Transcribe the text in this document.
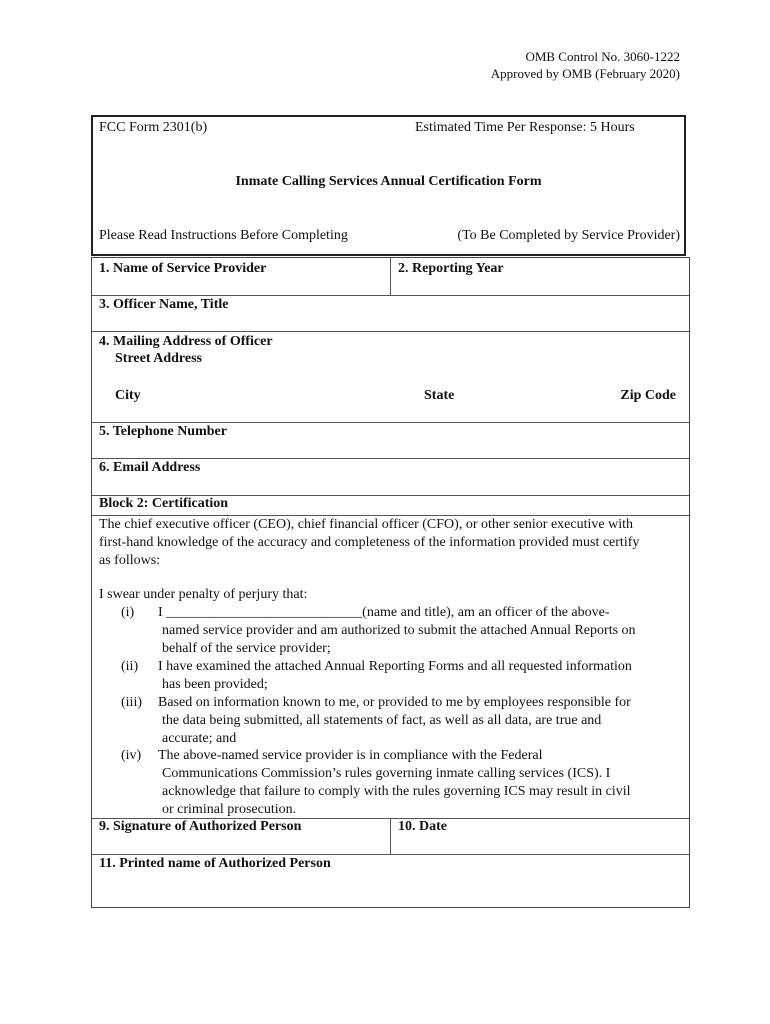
OMB Control No. 3060-1222
Approved by OMB (February 2020)
FCC Form 2301(b)	Estimated Time Per Response: 5 Hours
Inmate Calling Services Annual Certification Form
Please Read Instructions Before Completing	(To Be Completed by Service Provider)
1. Name of Service Provider	2. Reporting Year
3. Officer Name, Title
4. Mailing Address of Officer
Street Address
City	State	Zip Code
5. Telephone Number
6. Email Address
Block 2: Certification
The chief executive officer (CEO), chief financial officer (CFO), or other senior executive with
first-hand knowledge of the accuracy and completeness of the information provided must certify
as follows:
I swear under penalty of perjury that:
(i) I ____________________________(name and title), am an officer of the above-
named service provider and am authorized to submit the attached Annual Reports on
behalf of the service provider;
(ii) I have examined the attached Annual Reporting Forms and all requested information
has been provided;
(iii) Based on information known to me, or provided to me by employees responsible for
the data being submitted, all statements of fact, as well as all data, are true and
accurate; and
(iv) The above-named service provider is in compliance with the Federal
Communications Commission’s rules governing inmate calling services (ICS). I
acknowledge that failure to comply with the rules governing ICS may result in civil
or criminal prosecution.
9. Signature of Authorized Person	10. Date
11. Printed name of Authorized Person
